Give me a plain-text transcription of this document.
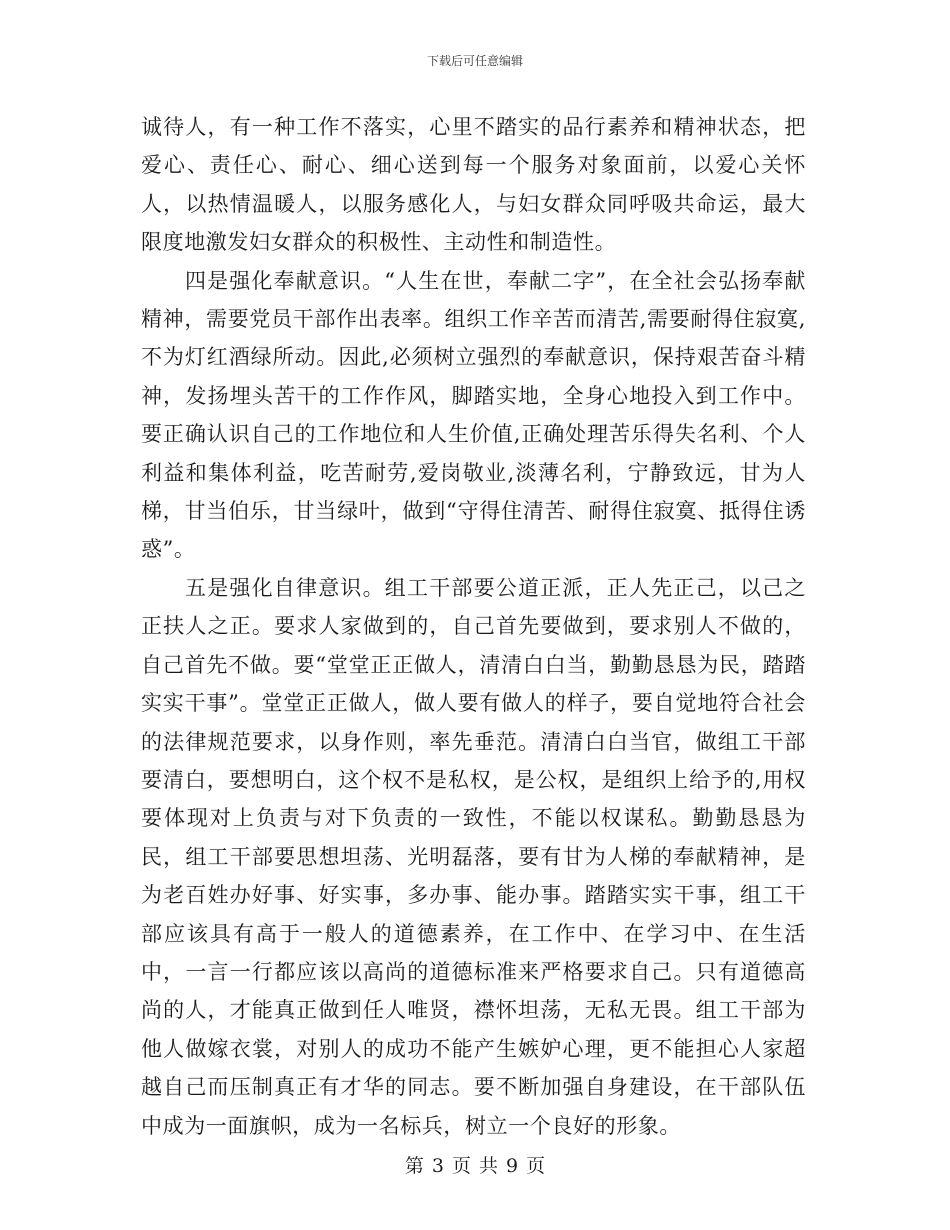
下载后可任意编辑

诚待人，有一种工作不落实，心里不踏实的品行素养和精神状态，把爱心、责任心、耐心、细心送到每一个服务对象面前，以爱心关怀人，以热情温暖人，以服务感化人，与妇女群众同呼吸共命运，最大限度地激发妇女群众的积极性、主动性和制造性。

四是强化奉献意识。“人生在世，奉献二字”，在全社会弘扬奉献精神，需要党员干部作出表率。组织工作辛苦而清苦,需要耐得住寂寞,不为灯红酒绿所动。因此,必须树立强烈的奉献意识，保持艰苦奋斗精神，发扬埋头苦干的工作作风，脚踏实地，全身心地投入到工作中。要正确认识自己的工作地位和人生价值,正确处理苦乐得失名利、个人利益和集体利益，吃苦耐劳,爱岗敬业,淡薄名利，宁静致远，甘为人梯，甘当伯乐，甘当绿叶，做到“守得住清苦、耐得住寂寞、抵得住诱惑”。

五是强化自律意识。组工干部要公道正派，正人先正己，以己之正扶人之正。要求人家做到的，自己首先要做到，要求别人不做的，自己首先不做。要“堂堂正正做人，清清白白当，勤勤恳恳为民，踏踏实实干事”。堂堂正正做人，做人要有做人的样子，要自觉地符合社会的法律规范要求，以身作则，率先垂范。清清白白当官，做组工干部要清白，要想明白，这个权不是私权，是公权，是组织上给予的,用权要体现对上负责与对下负责的一致性，不能以权谋私。勤勤恳恳为民，组工干部要思想坦荡、光明磊落，要有甘为人梯的奉献精神，是为老百姓办好事、好实事，多办事、能办事。踏踏实实干事，组工干部应该具有高于一般人的道德素养，在工作中、在学习中、在生活中，一言一行都应该以高尚的道德标准来严格要求自己。只有道德高尚的人，才能真正做到任人唯贤，襟怀坦荡，无私无畏。组工干部为他人做嫁衣裳，对别人的成功不能产生嫉妒心理，更不能担心人家超越自己而压制真正有才华的同志。要不断加强自身建设，在干部队伍中成为一面旗帜，成为一名标兵，树立一个良好的形象。

第 3 页 共 9 页
